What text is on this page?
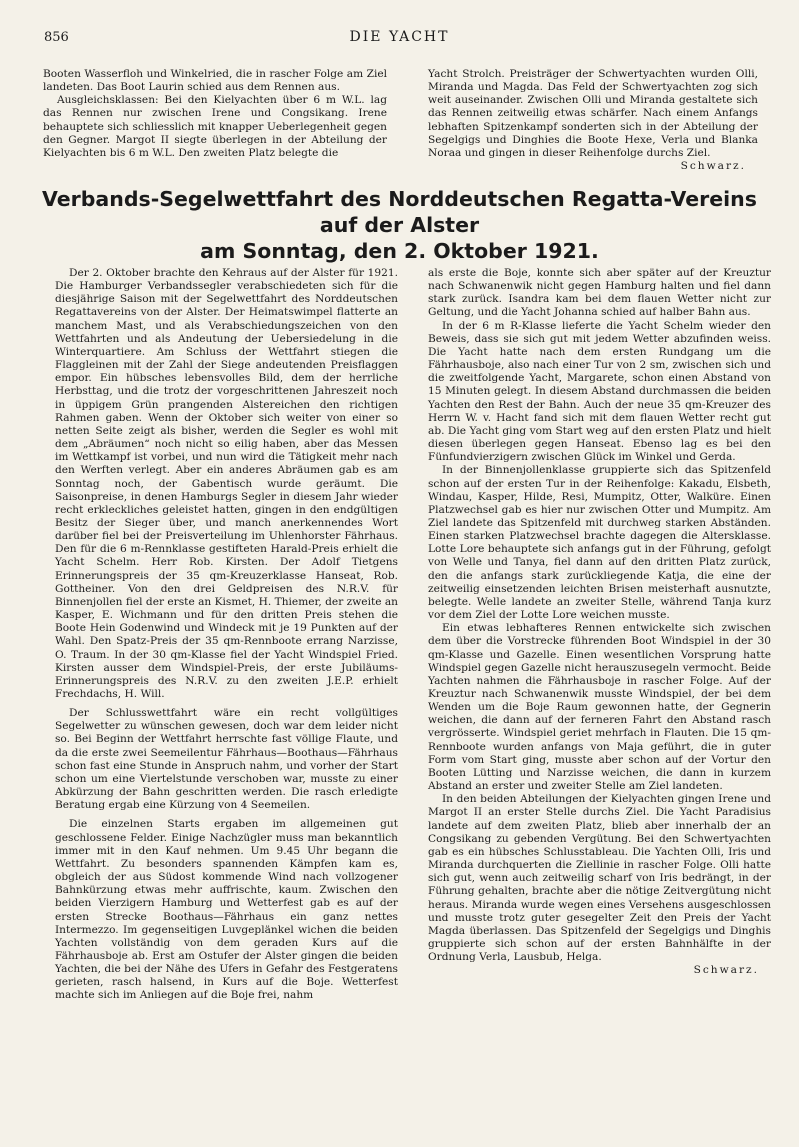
856	DIE YACHT

Booten Wasserfloh und Winkelried, die in rascher Folge am Ziel landeten. Das Boot Laurin schied aus dem Rennen aus.

Ausgleichsklassen: Bei den Kielyachten über 6 m W.L. lag das Rennen nur zwischen Irene und Congsikang. Irene behauptete sich schliesslich mit knapper Ueberlegenheit gegen den Gegner. Margot II siegte überlegen in der Abteilung der Kielyachten bis 6 m W.L. Den zweiten Platz belegte die

Yacht Strolch. Preisträger der Schwertyachten wurden Olli, Miranda und Magda. Das Feld der Schwertyachten zog sich weit auseinander. Zwischen Olli und Miranda gestaltete sich das Rennen zeitweilig etwas schärfer. Nach einem Anfangs lebhaften Spitzenkampf sonderten sich in der Abteilung der Segelgigs und Dinghies die Boote Hexe, Verla und Blanka Noraa und gingen in dieser Reihenfolge durchs Ziel.

Schwarz.
Verbands-Segelwettfahrt des Norddeutschen Regatta-Vereins auf der Alster
am Sonntag, den 2. Oktober 1921.

Der 2. Oktober brachte den Kehraus auf der Alster für 1921. Die Hamburger Verbandssegler verabschiedeten sich für die diesjährige Saison mit der Segelwettfahrt des Norddeutschen Regattavereins von der Alster. Der Heimatswimpel flatterte an manchem Mast, und als Verabschiedungszeichen von den Wettfahrten und als Andeutung der Uebersiedelung in die Winterquartiere. Am Schluss der Wettfahrt stiegen die Flaggleinen mit der Zahl der Siege andeutenden Preisflaggen empor. Ein hübsches lebensvolles Bild, dem der herrliche Herbsttag, und die trotz der vorgeschrittenen Jahreszeit noch in üppigem Grün prangenden Alstereichen den richtigen Rahmen gaben. Wenn der Oktober sich weiter von einer so netten Seite zeigt als bisher, werden die Segler es wohl mit dem „Abräumen“ noch nicht so eilig haben, aber das Messen im Wettkampf ist vorbei, und nun wird die Tätigkeit mehr nach den Werften verlegt. Aber ein anderes Abräumen gab es am Sonntag noch, der Gabentisch wurde geräumt. Die Saisonpreise, in denen Hamburgs Segler in diesem Jahr wieder recht erkleckliches geleistet hatten, gingen in den endgültigen Besitz der Sieger über, und manch anerkennendes Wort darüber fiel bei der Preisverteilung im Uhlenhorster Fährhaus. Den für die 6 m-Rennklasse gestifteten Harald-Preis erhielt die Yacht Schelm. Herr Rob. Kirsten. Der Adolf Tietgens Erinnerungspreis der 35 qm-Kreuzerklasse Hanseat, Rob. Gottheiner. Von den drei Geldpreisen des N.R.V. für Binnenjollen fiel der erste an Kismet, H. Thiemer, der zweite an Kasper, E. Wichmann und für den dritten Preis stehen die Boote Hein Godenwind und Windeck mit je 19 Punkten auf der Wahl. Den Spatz-Preis der 35 qm-Rennboote errang Narzisse, O. Traum. In der 30 qm-Klasse fiel der Yacht Windspiel Fried. Kirsten ausser dem Windspiel-Preis, der erste Jubiläums-Erinnerungspreis des N.R.V. zu den zweiten J.E.P. erhielt Frechdachs, H. Will.

Der Schlusswettfahrt wäre ein recht vollgültiges Segelwetter zu wünschen gewesen, doch war dem leider nicht so. Bei Beginn der Wettfahrt herrschte fast völlige Flaute, und da die erste zwei Seemeilentur Fährhaus—Boothaus—Fährhaus schon fast eine Stunde in Anspruch nahm, und vorher der Start schon um eine Viertelstunde verschoben war, musste zu einer Abkürzung der Bahn geschritten werden. Die rasch erledigte Beratung ergab eine Kürzung von 4 Seemeilen.

Die einzelnen Starts ergaben im allgemeinen gut geschlossene Felder. Einige Nachzügler muss man bekanntlich immer mit in den Kauf nehmen. Um 9.45 Uhr begann die Wettfahrt. Zu besonders spannenden Kämpfen kam es, obgleich der aus Südost kommende Wind nach vollzogener Bahnkürzung etwas mehr auffrischte, kaum. Zwischen den beiden Vierzigern Hamburg und Wetterfest gab es auf der ersten Strecke Boothaus—Fährhaus ein ganz nettes Intermezzo. Im gegenseitigen Luvgeplänkel wichen die beiden Yachten vollständig von dem geraden Kurs auf die Fährhausboje ab. Erst am Ostufer der Alster gingen die beiden Yachten, die bei der Nähe des Ufers in Gefahr des Festgeratens gerieten, rasch halsend, in Kurs auf die Boje. Wetterfest machte sich im Anliegen auf die Boje frei, nahm

als erste die Boje, konnte sich aber später auf der Kreuztur nach Schwanenwik nicht gegen Hamburg halten und fiel dann stark zurück. Isandra kam bei dem flauen Wetter nicht zur Geltung, und die Yacht Johanna schied auf halber Bahn aus.

In der 6 m R-Klasse lieferte die Yacht Schelm wieder den Beweis, dass sie sich gut mit jedem Wetter abzufinden weiss. Die Yacht hatte nach dem ersten Rundgang um die Fährhausboje, also nach einer Tur von 2 sm, zwischen sich und die zweitfolgende Yacht, Margarete, schon einen Abstand von 15 Minuten gelegt. In diesem Abstand durchmassen die beiden Yachten den Rest der Bahn. Auch der neue 35 qm-Kreuzer des Herrn W. v. Hacht fand sich mit dem flauen Wetter recht gut ab. Die Yacht ging vom Start weg auf den ersten Platz und hielt diesen überlegen gegen Hanseat. Ebenso lag es bei den Fünfundvierzigern zwischen Glück im Winkel und Gerda.

In der Binnenjollenklasse gruppierte sich das Spitzenfeld schon auf der ersten Tur in der Reihenfolge: Kakadu, Elsbeth, Windau, Kasper, Hilde, Resi, Mumpitz, Otter, Walküre. Einen Platzwechsel gab es hier nur zwischen Otter und Mumpitz. Am Ziel landete das Spitzenfeld mit durchweg starken Abständen. Einen starken Platzwechsel brachte dagegen die Altersklasse. Lotte Lore behauptete sich anfangs gut in der Führung, gefolgt von Welle und Tanya, fiel dann auf den dritten Platz zurück, den die anfangs stark zurückliegende Katja, die eine der zeitweilig einsetzenden leichten Brisen meisterhaft ausnutzte, belegte. Welle landete an zweiter Stelle, während Tanja kurz vor dem Ziel der Lotte Lore weichen musste.

Ein etwas lebhafteres Rennen entwickelte sich zwischen dem über die Vorstrecke führenden Boot Windspiel in der 30 qm-Klasse und Gazelle. Einen wesentlichen Vorsprung hatte Windspiel gegen Gazelle nicht herauszusegeln vermocht. Beide Yachten nahmen die Fährhausboje in rascher Folge. Auf der Kreuztur nach Schwanenwik musste Windspiel, der bei dem Wenden um die Boje Raum gewonnen hatte, der Gegnerin weichen, die dann auf der ferneren Fahrt den Abstand rasch vergrösserte. Windspiel geriet mehrfach in Flauten. Die 15 qm-Rennboote wurden anfangs von Maja geführt, die in guter Form vom Start ging, musste aber schon auf der Vortur den Booten Lütting und Narzisse weichen, die dann in kurzem Abstand an erster und zweiter Stelle am Ziel landeten.

In den beiden Abteilungen der Kielyachten gingen Irene und Margot II an erster Stelle durchs Ziel. Die Yacht Paradisius landete auf dem zweiten Platz, blieb aber innerhalb der an Congsikang zu gebenden Vergütung. Bei den Schwertyachten gab es ein hübsches Schlusstableau. Die Yachten Olli, Iris und Miranda durchquerten die Ziellinie in rascher Folge. Olli hatte sich gut, wenn auch zeitweilig scharf von Iris bedrängt, in der Führung gehalten, brachte aber die nötige Zeitvergütung nicht heraus. Miranda wurde wegen eines Versehens ausgeschlossen und musste trotz guter gesegelter Zeit den Preis der Yacht Magda überlassen. Das Spitzenfeld der Segelgigs und Dinghis gruppierte sich schon auf der ersten Bahnhälfte in der Ordnung Verla, Lausbub, Helga.

Schwarz.
